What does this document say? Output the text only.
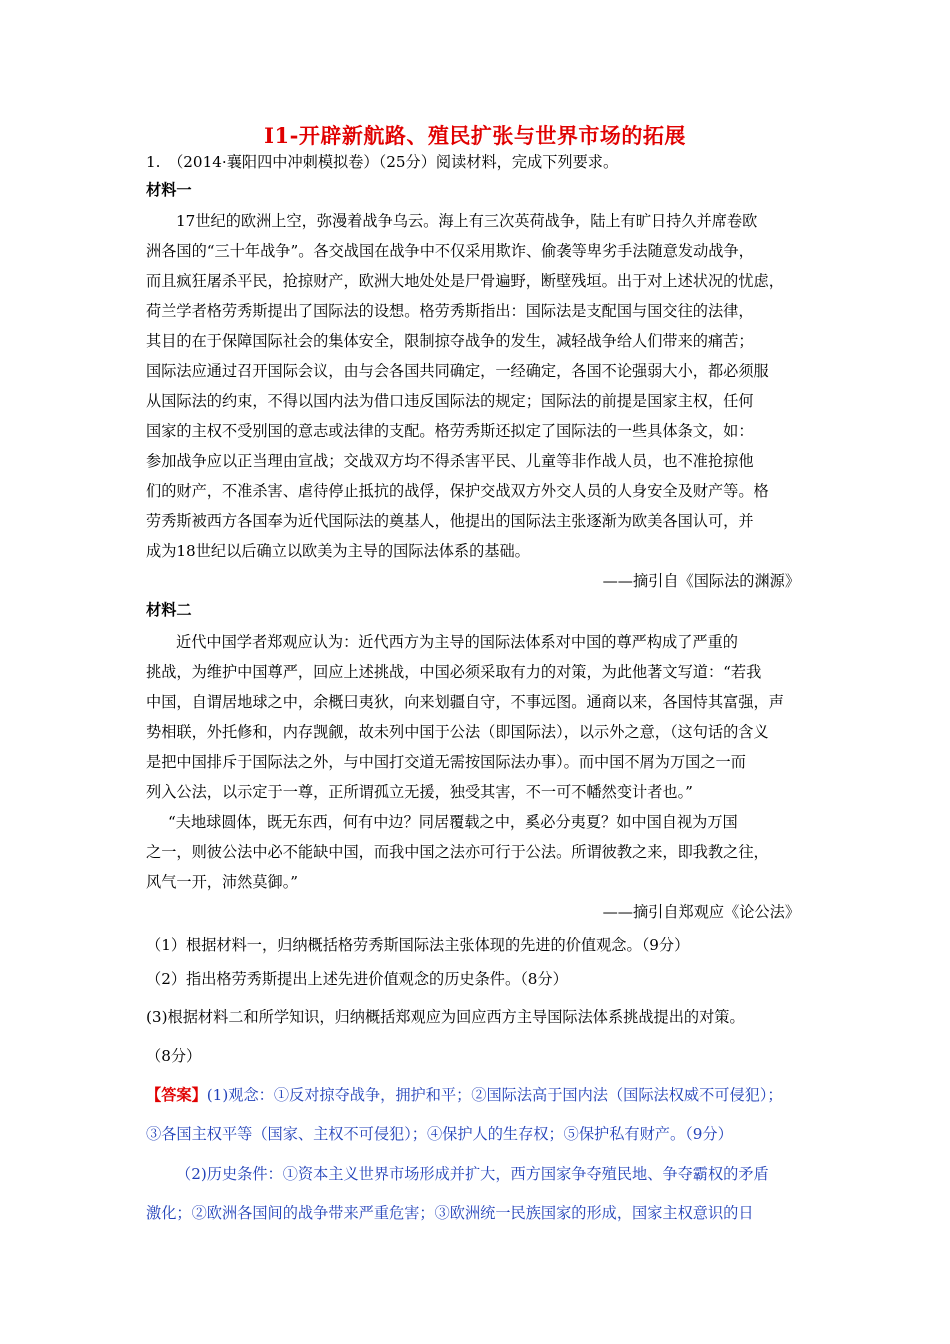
I1-开辟新航路、殖民扩张与世界市场的拓展
1.　（2014·襄阳四中冲刺模拟卷）（25分）阅读材料，完成下列要求。
材料一
17世纪的欧洲上空，弥漫着战争乌云。海上有三次英荷战争，陆上有旷日持久并席卷欧
洲各国的“三十年战争”。各交战国在战争中不仅采用欺诈、偷袭等卑劣手法随意发动战争，
而且疯狂屠杀平民，抢掠财产，欧洲大地处处是尸骨遍野，断壁残垣。出于对上述状况的忧虑，
荷兰学者格劳秀斯提出了国际法的设想。格劳秀斯指出：国际法是支配国与国交往的法律，
其目的在于保障国际社会的集体安全，限制掠夺战争的发生，减轻战争给人们带来的痛苦；
国际法应通过召开国际会议，由与会各国共同确定，一经确定，各国不论强弱大小，都必须服
从国际法的约束，不得以国内法为借口违反国际法的规定；国际法的前提是国家主权，任何
国家的主权不受别国的意志或法律的支配。格劳秀斯还拟定了国际法的一些具体条文，如：
参加战争应以正当理由宣战；交战双方均不得杀害平民、儿童等非作战人员，也不准抢掠他
们的财产，不准杀害、虐待停止抵抗的战俘，保护交战双方外交人员的人身安全及财产等。格
劳秀斯被西方各国奉为近代国际法的奠基人，他提出的国际法主张逐渐为欧美各国认可，并
成为18世纪以后确立以欧美为主导的国际法体系的基础。
——摘引自《国际法的渊源》
材料二
近代中国学者郑观应认为：近代西方为主导的国际法体系对中国的尊严构成了严重的
挑战，为维护中国尊严，回应上述挑战，中国必须采取有力的对策，为此他著文写道：“若我
中国，自谓居地球之中，余概曰夷狄，向来划疆自守，不事远图。通商以来，各国恃其富强，声
势相联，外托修和，内存觊觎，故未列中国于公法（即国际法），以示外之意，（这句话的含义
是把中国排斥于国际法之外，与中国打交道无需按国际法办事）。而中国不屑为万国之一而
列入公法，以示定于一尊，正所谓孤立无援，独受其害，不一可不幡然变计者也。”
“夫地球圆体，既无东西，何有中边？同居覆载之中，奚必分夷夏？如中国自视为万国
之一，则彼公法中必不能缺中国，而我中国之法亦可行于公法。所谓彼教之来，即我教之往，
风气一开，沛然莫御。”
——摘引自郑观应《论公法》
（1）根据材料一，归纳概括格劳秀斯国际法主张体现的先进的价值观念。（9分）
（2）指出格劳秀斯提出上述先进价值观念的历史条件。（8分）
(3)根据材料二和所学知识，归纳概括郑观应为回应西方主导国际法体系挑战提出的对策。
（8分）
【答案】(1)观念：①反对掠夺战争，拥护和平；②国际法高于国内法（国际法权威不可侵犯）；
③各国主权平等（国家、主权不可侵犯）；④保护人的生存权；⑤保护私有财产。（9分）
（2)历史条件：①资本主义世界市场形成并扩大，西方国家争夺殖民地、争夺霸权的矛盾
激化；②欧洲各国间的战争带来严重危害；③欧洲统一民族国家的形成，国家主权意识的日
